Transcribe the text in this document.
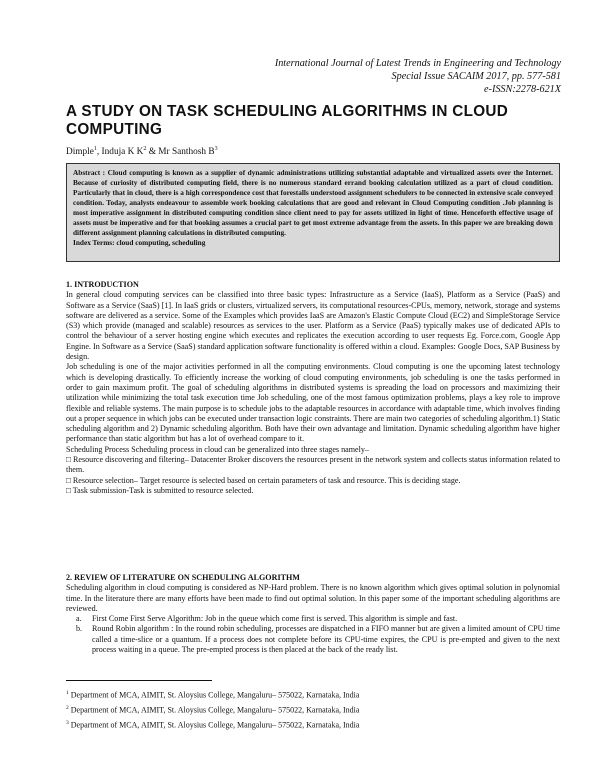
International Journal of Latest Trends in Engineering and Technology
Special Issue SACAIM 2017, pp. 577-581
e-ISSN:2278-621X
A STUDY ON TASK SCHEDULING ALGORITHMS IN CLOUD COMPUTING
Dimple$^1$, Induja K $K^2$ & Mr Santhosh $B^3$

Abstract : Cloud computing is known as a supplier of dynamic administrations utilizing substantial adaptable and virtualized assets over the Internet. Because of curiosity of distributed computing field, there is no numerous standard errand booking calculation utilized as a part of cloud condition. Particularly that in cloud, there is a high correspondence cost that forestalls understood assignment schedulers to be connected in extensive scale conveyed condition. Today, analysts endeavour to assemble work booking calculations that are good and relevant in Cloud Computing condition .Job planning is most imperative assignment in distributed computing condition since client need to pay for assets utilized in light of time. Henceforth effective usage of assets must be imperative and for that booking assumes a crucial part to get most extreme advantage from the assets. In this paper we are breaking down different assignment planning calculations in distributed computing.

Index Terms: cloud computing, scheduling

1. INTRODUCTION

In general cloud computing services can be classified into three basic types: Infrastructure as a Service (IaaS), Platform as a Service (PaaS) and Software as a Service (SaaS) [1]. In IaaS grids or clusters, virtualized servers, its computational resources-CPUs, memory, network, storage and systems software are delivered as a service. Some of the Examples which provides IaaS are Amazon's Elastic Compute Cloud (EC2) and SimpleStorage Service (S3) which provide (managed and scalable) resources as services to the user. Platform as a Service (PaaS) typically makes use of dedicated APIs to control the behaviour of a server hosting engine which executes and replicates the execution according to user requests Eg. Force.com, Google App Engine. In Software as a Service (SaaS) standard application software functionality is offered within a cloud. Examples: Google Docs, SAP Business by design.

Job scheduling is one of the major activities performed in all the computing environments. Cloud computing is one the upcoming latest technology which is developing drastically. To efficiently increase the working of cloud computing environments, job scheduling is one the tasks performed in order to gain maximum profit. The goal of scheduling algorithms in distributed systems is spreading the load on processors and maximizing their utilization while minimizing the total task execution time Job scheduling, one of the most famous optimization problems, plays a key role to improve flexible and reliable systems. The main purpose is to schedule jobs to the adaptable resources in accordance with adaptable time, which involves finding out a proper sequence in which jobs can be executed under transaction logic constraints. There are main two categories of scheduling algorithm.1) Static scheduling algorithm and 2) Dynamic scheduling algorithm. Both have their own advantage and limitation. Dynamic scheduling algorithm have higher performance than static algorithm but has a lot of overhead compare to it.

Scheduling Process Scheduling process in cloud can be generalized into three stages namely–

□ Resource discovering and filtering– Datacenter Broker discovers the resources present in the network system and collects status information related to them.

□ Resource selection– Target resource is selected based on certain parameters of task and resource. This is deciding stage.

□ Task submission-Task is submitted to resource selected.

2. REVIEW OF LITERATURE ON SCHEDULING ALGORITHM

Scheduling algorithm in cloud computing is considered as NP-Hard problem. There is no known algorithm which gives optimal solution in polynomial time. In the literature there are many efforts have been made to find out optimal solution. In this paper some of the important scheduling algorithms are reviewed.

a. First Come First Serve Algorithm: Job in the queue which come first is served. This algorithm is simple and fast.
b. Round Robin algorithm : In the round robin scheduling, processes are dispatched in a FIFO manner but are given a limited amount of CPU time called a time-slice or a quantum. If a process does not complete before its CPU-time expires, the CPU is pre-empted and given to the next process waiting in a queue. The pre-empted process is then placed at the back of the ready list.
$^1$ Department of MCA, AIMIT, St. Aloysius College, Mangaluru– 575022, Karnataka, India
$^2$ Department of MCA, AIMIT, St. Aloysius College, Mangaluru– 575022, Karnataka, India
$^3$ Department of MCA, AIMIT, St. Aloysius College, Mangaluru– 575022, Karnataka, India
